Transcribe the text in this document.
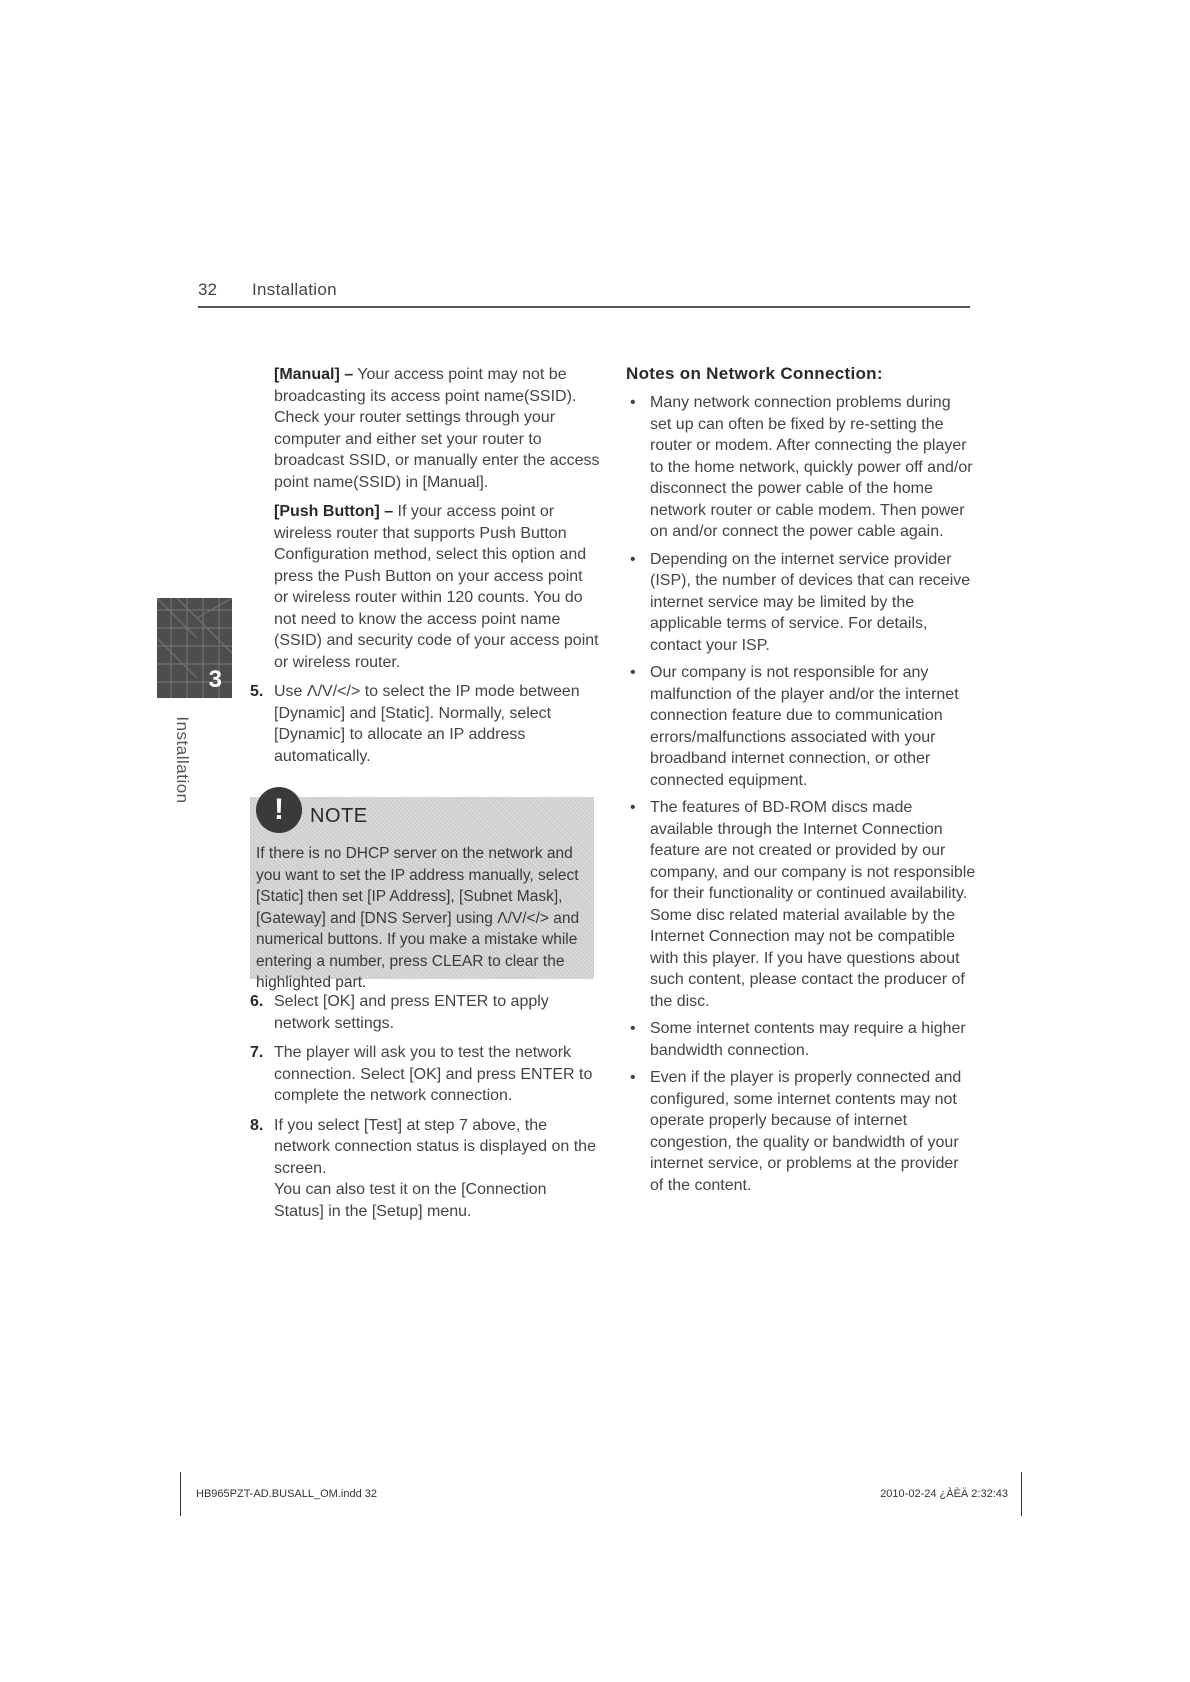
32 Installation
3
Installation

[Manual] – Your access point may not be broadcasting its access point name(SSID). Check your router settings through your computer and either set your router to broadcast SSID, or manually enter the access point name(SSID) in [Manual].

[Push Button] – If your access point or wireless router that supports Push Button Configuration method, select this option and press the Push Button on your access point or wireless router within 120 counts. You do not need to know the access point name (SSID) and security code of your access point or wireless router.

5. Use Λ/V/</> to select the IP mode between [Dynamic] and [Static]. Normally, select [Dynamic] to allocate an IP address automatically.
!	NOTE
If there is no DHCP server on the network and you want to set the IP address manually, select [Static] then set [IP Address], [Subnet Mask], [Gateway] and [DNS Server] using Λ/V/</> and numerical buttons. If you make a mistake while entering a number, press CLEAR to clear the highlighted part.
6. Select [OK] and press ENTER to apply network settings.
7. The player will ask you to test the network connection. Select [OK] and press ENTER to complete the network connection.
8. If you select [Test] at step 7 above, the network connection status is displayed on the screen.
You can also test it on the [Connection Status] in the [Setup] menu.
Notes on Network Connection:
• Many network connection problems during set up can often be fixed by re-setting the router or modem. After connecting the player to the home network, quickly power off and/or disconnect the power cable of the home network router or cable modem. Then power on and/or connect the power cable again.
• Depending on the internet service provider (ISP), the number of devices that can receive internet service may be limited by the applicable terms of service. For details, contact your ISP.
• Our company is not responsible for any malfunction of the player and/or the internet connection feature due to communication errors/malfunctions associated with your broadband internet connection, or other connected equipment.
• The features of BD-ROM discs made available through the Internet Connection feature are not created or provided by our company, and our company is not responsible for their functionality or continued availability. Some disc related material available by the Internet Connection may not be compatible with this player. If you have questions about such content, please contact the producer of the disc.
• Some internet contents may require a higher bandwidth connection.
• Even if the player is properly connected and configured, some internet contents may not operate properly because of internet congestion, the quality or bandwidth of your internet service, or problems at the provider of the content.
HB965PZT-AD.BUSALL_OM.indd 32	2010-02-24 ¿ÀÈÄ 2:32:43
